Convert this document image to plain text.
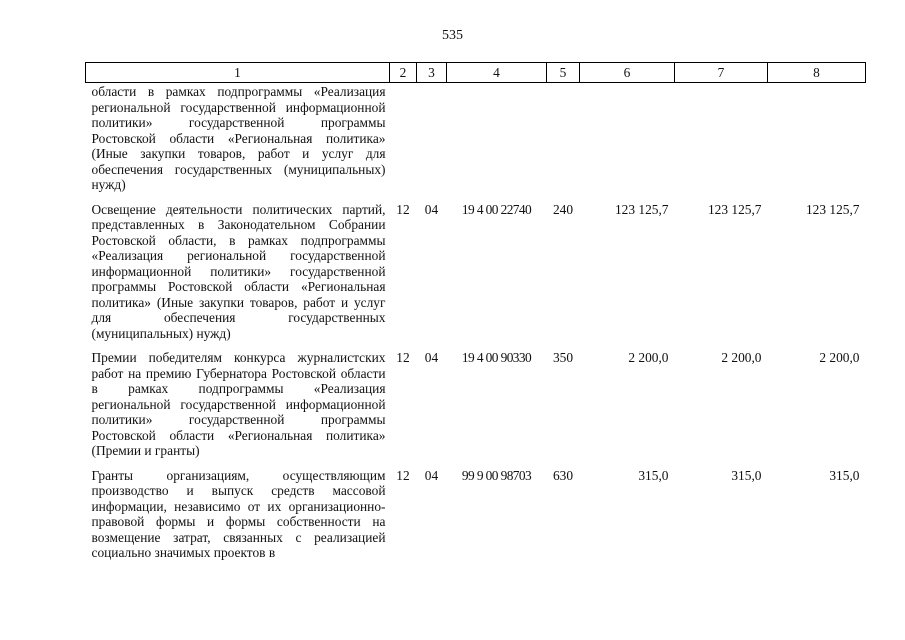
535
1	2	3	4	5	6	7	8
области в рамках подпрограммы «Реализация региональной государственной информационной политики» государственной программы Ростовской области «Региональная политика» (Иные закупки товаров, работ и услуг для обеспечения государственных (муниципальных) нужд)							
Освещение деятельности политических партий, представленных в Законодательном Собрании Ростовской области, в рамках подпрограммы «Реализация региональной государственной информационной политики» государственной программы Ростовской области «Региональная политика» (Иные закупки товаров, работ и услуг для обеспечения государственных (муниципальных) нужд)	12	04	19 4 00 22740	240	123 125,7	123 125,7	123 125,7
Премии победителям конкурса журналистских работ на премию Губернатора Ростовской области в рамках подпрограммы «Реализация региональной государственной информационной политики» государственной программы Ростовской области «Региональная политика» (Премии и гранты)	12	04	19 4 00 90330	350	2 200,0	2 200,0	2 200,0
Гранты организациям, осуществляющим производство и выпуск средств массовой информации, независимо от их организационно-правовой формы и формы собственности на возмещение затрат, связанных с реализацией социально значимых проектов в	12	04	99 9 00 98703	630	315,0	315,0	315,0
